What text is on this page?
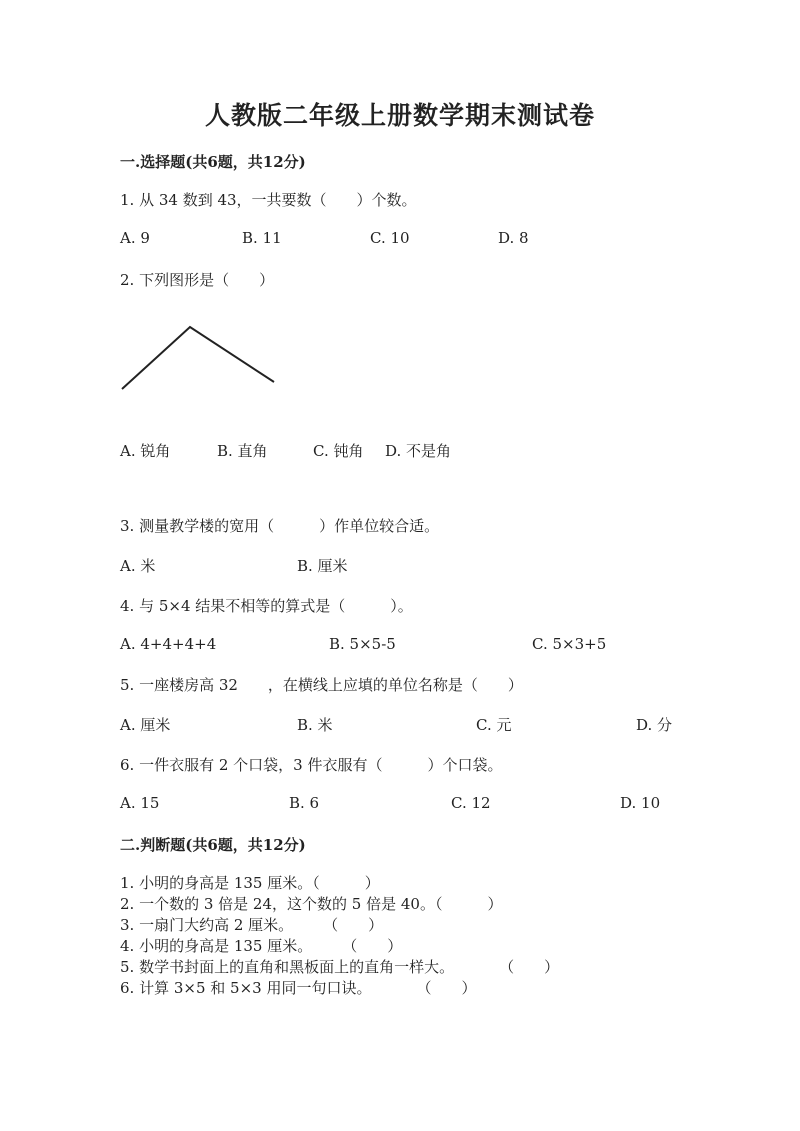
人教版二年级上册数学期末测试卷
一.选择题(共6题，共12分)
1. 从 34 数到 43，一共要数（　　）个数。
A. 9	B. 11	C. 10	D. 8
2. 下列图形是（　　）
A. 锐角	B. 直角	C. 钝角 D. 不是角
3. 测量教学楼的宽用（　　　）作单位较合适。
A. 米	B. 厘米
4. 与 5×4 结果不相等的算式是（　　　）。
A. 4+4+4+4	B. 5×5-5	C. 5×3+5
5. 一座楼房高 32　　，在横线上应填的单位名称是（　　）
A. 厘米	B. 米	C. 元	D. 分
6. 一件衣服有 2 个口袋，3 件衣服有（　　　）个口袋。
A. 15	B. 6	C. 12	D. 10
二.判断题(共6题，共12分)
1. 小明的身高是 135 厘米。（　　　）
2. 一个数的 3 倍是 24，这个数的 5 倍是 40。（　　　）
3. 一扇门大约高 2 厘米。　　　（　　）
4. 小明的身高是 135 厘米。　　　（　　）
5. 数学书封面上的直角和黑板面上的直角一样大。　　　　（　　）
6. 计算 3×5 和 5×3 用同一句口诀。　　　　（　　）
